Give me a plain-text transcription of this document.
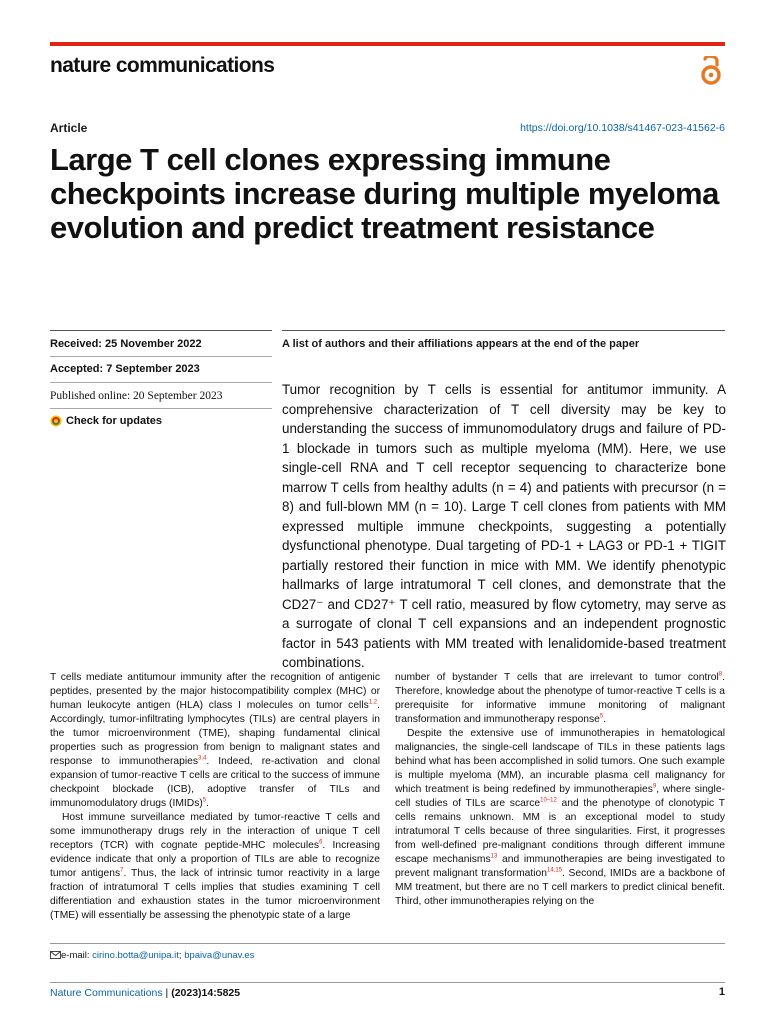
nature communications
Article	https://doi.org/10.1038/s41467-023-41562-6
Large T cell clones expressing immune checkpoints increase during multiple myeloma evolution and predict treatment resistance
Received: 25 November 2022
Accepted: 7 September 2023
Published online: 20 September 2023
Check for updates
A list of authors and their affiliations appears at the end of the paper

Tumor recognition by T cells is essential for antitumor immunity. A comprehensive characterization of T cell diversity may be key to understanding the success of immunomodulatory drugs and failure of PD-1 blockade in tumors such as multiple myeloma (MM). Here, we use single-cell RNA and T cell receptor sequencing to characterize bone marrow T cells from healthy adults (n = 4) and patients with precursor (n = 8) and full-blown MM (n = 10). Large T cell clones from patients with MM expressed multiple immune checkpoints, suggesting a potentially dysfunctional phenotype. Dual targeting of PD-1 + LAG3 or PD-1 + TIGIT partially restored their function in mice with MM. We identify phenotypic hallmarks of large intratumoral T cell clones, and demonstrate that the CD27⁻ and CD27⁺ T cell ratio, measured by flow cytometry, may serve as a surrogate of clonal T cell expansions and an independent prognostic factor in 543 patients with MM treated with lenalidomide-based treatment combinations.

T cells mediate antitumour immunity after the recognition of antigenic peptides, presented by the major histocompatibility complex (MHC) or human leukocyte antigen (HLA) class I molecules on tumor cells$^{1,2}$. Accordingly, tumor-infiltrating lymphocytes (TILs) are central players in the tumor microenvironment (TME), shaping fundamental clinical properties such as progression from benign to malignant states and response to immunotherapies$^{3,4}$. Indeed, re-activation and clonal expansion of tumor-reactive T cells are critical to the success of immune checkpoint blockade (ICB), adoptive transfer of TILs and immunomodulatory drugs (IMIDs)$^5$.

Host immune surveillance mediated by tumor-reactive T cells and some immunotherapy drugs rely in the interaction of unique T cell receptors (TCR) with cognate peptide-MHC molecules$^6$. Increasing evidence indicate that only a proportion of TILs are able to recognize tumor antigens$^7$. Thus, the lack of intrinsic tumor reactivity in a large fraction of intratumoral T cells implies that studies examining T cell differentiation and exhaustion states in the tumor microenvironment (TME) will essentially be assessing the phenotypic state of a large

number of bystander T cells that are irrelevant to tumor control$^8$. Therefore, knowledge about the phenotype of tumor-reactive T cells is a prerequisite for informative immune monitoring of malignant transformation and immunotherapy response$^5$.

Despite the extensive use of immunotherapies in hematological malignancies, the single-cell landscape of TILs in these patients lags behind what has been accomplished in solid tumors. One such example is multiple myeloma (MM), an incurable plasma cell malignancy for which treatment is being redefined by immunotherapies$^9$, where single-cell studies of TILs are scarce$^{10-12}$ and the phenotype of clonotypic T cells remains unknown. MM is an exceptional model to study intratumoral T cells because of three singularities. First, it progresses from well-defined pre-malignant conditions through different immune escape mechanisms$^{13}$ and immunotherapies are being investigated to prevent malignant transformation$^{14,15}$. Second, IMIDs are a backbone of MM treatment, but there are no T cell markers to predict clinical benefit. Third, other immunotherapies relying on the

e-mail: cirino.botta@unipa.it; bpaiva@unav.es
Nature Communications | (2023)14:5825	1
